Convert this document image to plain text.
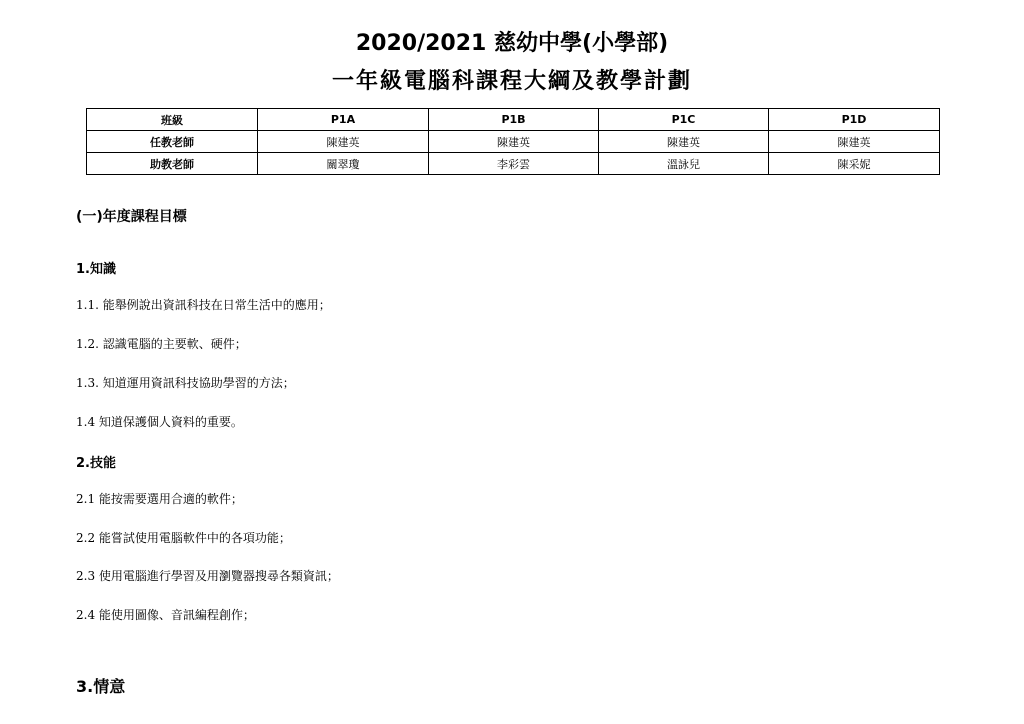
2020/2021 慈幼中學(小學部)
一年級電腦科課程大綱及教學計劃
班級	P1A	P1B	P1C	P1D
任教老師	陳建英	陳建英	陳建英	陳建英
助教老師	關翠瓊	李彩雲	溫詠兒	陳采妮
(一)年度課程目標
1.知識
1.1. 能舉例說出資訊科技在日常生活中的應用；
1.2. 認識電腦的主要軟、硬件；
1.3. 知道運用資訊科技協助學習的方法；
1.4 知道保護個人資料的重要。
2.技能
2.1 能按需要選用合適的軟件；
2.2 能嘗試使用電腦軟件中的各項功能；
2.3 使用電腦進行學習及用瀏覽器搜尋各類資訊；
2.4 能使用圖像、音訊編程創作；
3.情意
